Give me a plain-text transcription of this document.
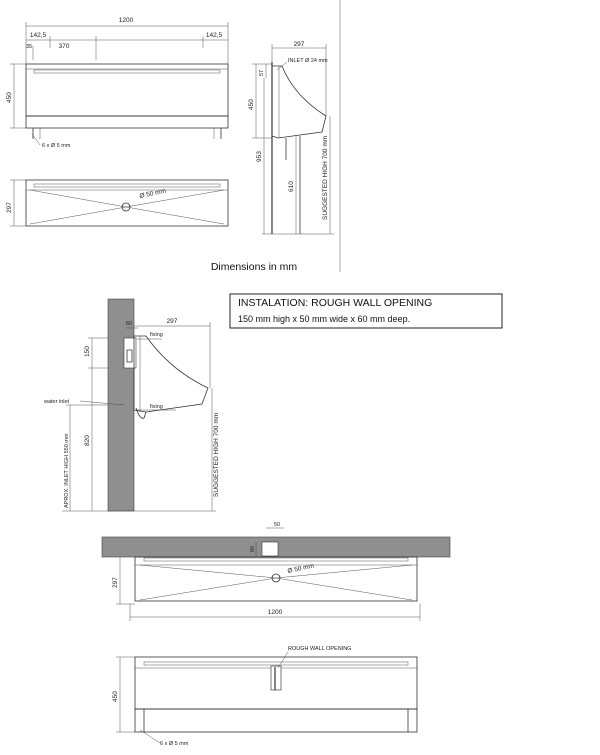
1200
142,5	142,5
35	370
450
6 x Ø 5 mm
Ø 50 mm
297
297
INLET Ø 24 mm
450
57
953
610	SUGGESTED HIGH 700 mm
Dimensions in mm
INSTALATION: ROUGH WALL OPENING
150 mm high x 50 mm wide x 60 mm deep.
60	297
fixing
fixing
150
water inlet
820
APROX. INLET HIGH 550 mm	SUGGESTED HIGH 700 mm
50
60
Ø 50 mm
297
1200
ROUGH WALL OPENING
450
6 x Ø 5 mm
